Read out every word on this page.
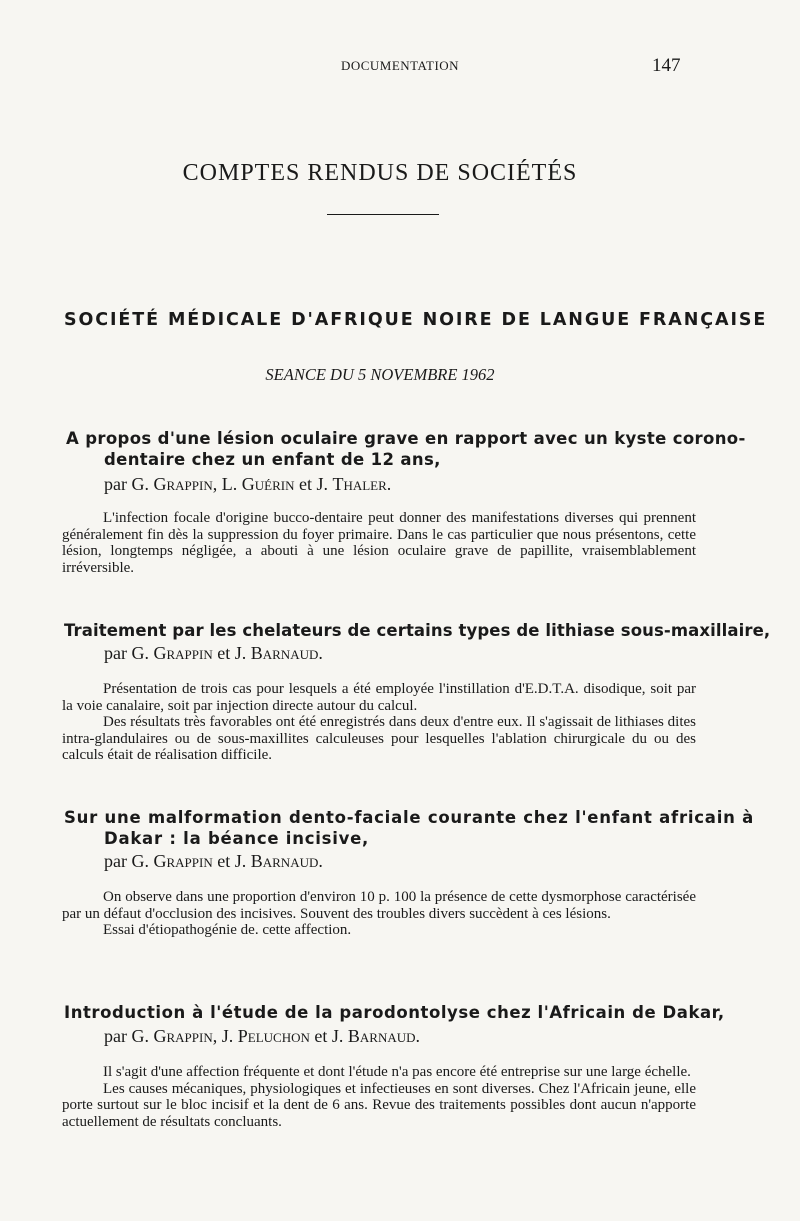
DOCUMENTATION	147
COMPTES RENDUS DE SOCIÉTÉS
SOCIÉTÉ MÉDICALE D'AFRIQUE NOIRE DE LANGUE FRANÇAISE
SEANCE DU 5 NOVEMBRE 1962
A propos d'une lésion oculaire grave en rapport avec un kyste corono-
dentaire chez un enfant de 12 ans,
par G. Grappin, L. Guérin et J. Thaler.

L'infection focale d'origine bucco-dentaire peut donner des manifestations diverses qui prennent généralement fin dès la suppression du foyer primaire. Dans le cas particulier que nous présentons, cette lésion, longtemps négligée, a abouti à une lésion oculaire grave de papillite, vraisemblablement irréversible.

Traitement par les chelateurs de certains types de lithiase sous-maxillaire,
par G. Grappin et J. Barnaud.

Présentation de trois cas pour lesquels a été employée l'instillation d'E.D.T.A. disodique, soit par la voie canalaire, soit par injection directe autour du calcul.

Des résultats très favorables ont été enregistrés dans deux d'entre eux. Il s'agissait de lithiases dites intra-glandulaires ou de sous-maxillites calculeuses pour lesquelles l'ablation chirurgicale du ou des calculs était de réalisation difficile.

Sur une malformation dento-faciale courante chez l'enfant africain à
Dakar : la béance incisive,
par G. Grappin et J. Barnaud.

On observe dans une proportion d'environ 10 p. 100 la présence de cette dysmorphose caractérisée par un défaut d'occlusion des incisives. Souvent des troubles divers succèdent à ces lésions.

Essai d'étiopathogénie de. cette affection.

Introduction à l'étude de la parodontolyse chez l'Africain de Dakar,
par G. Grappin, J. Peluchon et J. Barnaud.

Il s'agit d'une affection fréquente et dont l'étude n'a pas encore été entreprise sur une large échelle.

Les causes mécaniques, physiologiques et infectieuses en sont diverses. Chez l'Africain jeune, elle porte surtout sur le bloc incisif et la dent de 6 ans. Revue des traitements possibles dont aucun n'apporte actuellement de résultats concluants.
